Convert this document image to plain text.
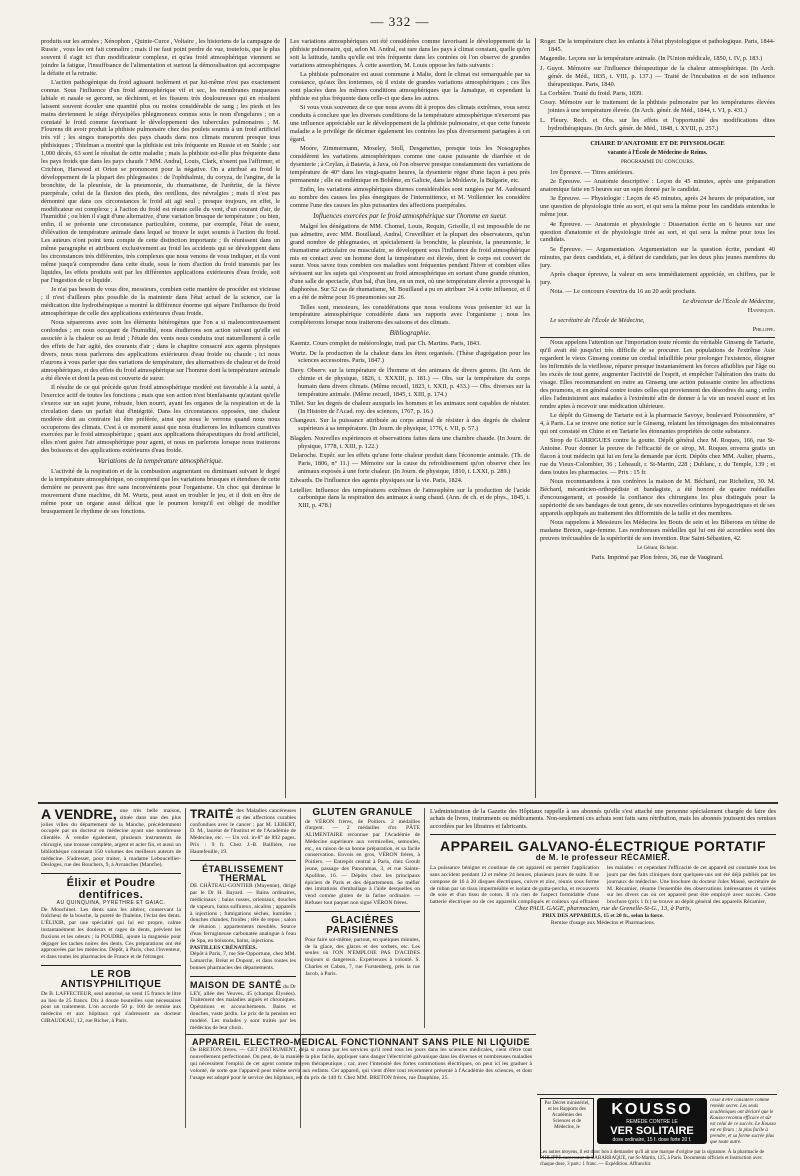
— 332 —

produits sur les armées ; Xénophon , Quinte-Curce , Voltaire , les historiens de la campagne de Russie , vous les ont fait connaître ; mais il ne faut point perdre de vue, toutefois, que le plus souvent il s'agit ici d'un modificateur complexe, et qu'au froid atmosphérique viennent se joindre la fatigue, l'insuffisance de l'alimentation et surtout la démoralisation qui accompagne la défaite et la retraite.

L'action pathogénique du froid agissant isolément et par lui-même n'est pas exactement connue. Sous l'influence d'un froid atmosphérique vif et sec, les membranes muqueuses labiale et nasale se gercent, se dèchirent, et les fissures très douloureuses qui en résultent laissent souvent écouler une quantité plus ou moins considérable de sang ; les pieds et les mains deviennent le siége d'érysipèles phlegmoneux connus sous le nom d'engelures ; on a constaté le froid comme favorisant le développement des tubercules pulmonaires ; M. Flourens dit avoir produit la phthisie pulmonaire chez des poulets soumis à un froid artificiel très vif ; les singes transportés des pays chauds dans nos climats meurent presque tous phthisiques ; Thielman a montré que la phthisie est très fréquente en Russie et en Suède ; sur 1,000 décès, 63 sont le résultat de cette maladie ; mais la phthisie est-elle plus fréquente dans les pays froids que dans les pays chauds ? MM. Andral, Louis, Clark, n'osent pas l'affirmer, et Crichton, Harwood et Orton se prononcent pour la négative. On a attribué au froid le développement de la plupart des phlegmasies : de l'ophthalmie, du coryza, de l'angine, de la bronchite, de la pleurésie, de la pneumonie, du rhumatisme, de l'urétrite, de la fièvre puerpérale, celui de la fluxion des pieds, des oreillons, des névralgies ; mais il n'est pas démontré que dans ces circonstances le froid ait agi seul ; presque toujours, en effet, le modificateur est complexe ; à l'action du froid est réunie celle du vent, d'un courant d'air, de l'humidité ; ou bien il s'agit d'une alternative, d'une variation brusque de température ; ou bien, enfin, il se présente une circonstance particulière, comme, par exemple, l'état de sueur, d'élévation de température animale dans lequel se trouve le sujet soumis à l'action du froid. Les auteurs n'ont point tenu compte de cette distinction importante ; ils réunissent dans un même paragraphe et attribuent exclusivement au froid les accidents qui se développent dans les circonstances très différentes, très complexes que nous venons de vous indiquer, et ils vont même jusqu'à comprendre dans cette étude, sous le nom d'action du froid transmis par les liquides, les effets produits soit par les différentes applications extérieures d'eau froide, soit par l'ingestion de ce liquide.

Je n'ai pas besoin de vous dire, messieurs, combien cette manière de procéder est vicieuse ; il n'est d'ailleurs plus possible de la maintenir dans l'état actuel de la science, car la médication dite hydrothérapique a montré la différence énorme qui sépare l'influence du froid atmosphérique de celle des applications extérieures d'eau froide.

Nous séparerons avec soin les éléments hétérogènes que l'on a si malencontreusement confondus ; en nous occupant de l'humidité, nous étudierons son action suivant qu'elle est associée à la chaleur ou au froid ; l'étude des vents nous conduira tout naturellement à celle des effets de l'air agité, des courants d'air ; dans le chapitre consacré aux agents physiques divers, nous nous parlerons des applications extérieures d'eau froide ou chaude ; ici nous n'aurons à vous parler que des variations de température, des alternatives de chaleur et de froid atmosphériques, et des effets du froid atmosphérique sur l'homme dont la température animale a été élevée et dont la peau est couverte de sueur.

Il résulte de ce qui précède qu'un froid atmosphérique modéré est favorable à la santé, à l'exercice actif de toutes les fonctions ; mais que son action n'est bienfaisante qu'autant qu'elle s'exerce sur un sujet jeune, robuste, bien nourri, ayant les organes de la respiration et de la circulation dans un parfait état d'intégrité. Dans les circonstances opposées, une chaleur modérée doit au contraire lui être préférée, ainsi que nous le verrons quand nous nous occuperons des climats. C'est à ce moment aussi que nous étudierons les influences curatives exercées par le froid atmosphérique ; quant aux applications thérapeutiques du froid artificiel, elles n'ont guère l'air atmosphérique pour agent, et nous en parlerons lorsque nous traiterons des boissons et des applications extérieures d'eau froide.

Variations de la température atmosphérique.

L'activité de la respiration et de la combustion augmentant ou diminuant suivant le degré de la température atmosphérique, on comprend que les variations brusques et étendues de cette dernière ne peuvent pas être sans inconvénients pour l'organisme. Un choc qui diminue le mouvement d'une machine, dit M. Wurtz, peut aussi en troubler le jeu, et il doit en être de même pour un organe aussi délicat que le poumon lorsqu'il est obligé de modifier brusquement le rhythme de ses fonctions.

Les variations atmosphériques ont été considérées comme favorisant le développement de la phthisie pulmonaire, qui, selon M. Andral, est rare dans les pays à climat constant, quelle qu'en soit la latitude, tandis qu'elle est très fréquente dans les contrées où l'on observe de grandes variations atmosphériques. À cette assertion, M. Louis oppose les faits suivants :

La phthisie pulmonaire est aussi commune à Malte, dont le climat est remarquable par sa constance, qu'aux îles ioniennes, où il existe de grandes variations atmosphériques ; ces îles sont placées dans les mêmes conditions atmosphériques que la Jamaïque, et cependant la phthisie est plus fréquente dans celle-ci que dans les autres.

Si vous vous souvenez de ce que nous avons dit à propos des climats extrêmes, vous serez conduits à conclure que les diverses conditions de la température atmosphérique n'exercent pas une influence appréciable sur le développement de la phthisie pulmonaire, et que cette funeste maladie a le privilége de décimer également les contrées les plus diversement partagées à cet égard.

Moore, Zimmermann, Moseley, Stoll, Desgenettes, presque tous les Nosographes considèrent les variations atmosphériques comme une cause puissante de diarrhée et de dysenterie ; à Ceylan, à Batavia, à Java, où l'on observe presque constamment des variations de température de 40° dans les vingt-quatre heures, la dysenterie règne d'une façon à peu près permanente ; elle est endémique en Bohême, en Galicie, dans la Moldavie, la Bulgarie, etc.

Enfin, les variations atmosphériques diurnes considérables sont rangées par M. Audouard au nombre des causes les plus énergiques de l'intermittence, et M. Voillemier les considère comme l'une des causes les plus puissantes des affections puerpérales.

Influences exercées par le froid atmosphérique sur l'homme en sueur.

Malgré les dénégations de MM. Chomel, Louis, Requin, Grisolle, il est impossible de ne pas admettre, avec MM. Bouillaud, Andral, Cruveilhier et la plupart des observateurs, qu'un grand nombre de phlegmasies, et spécialement la bronchite, la pleurésie, la pneumonie, le rhumatisme articulaire ou musculaire, se développent sous l'influence du froid atmosphérique mis en contact avec un homme dont la température est élevée, dont le corps est couvert de sueur. Vous savez tous combien ces maladies sont fréquentes pendant l'hiver et combien elles sévissent sur les sujets qui s'exposent au froid atmosphérique en sortant d'une grande réunion, d'une salle de spectacle, d'un bal, d'un lieu, en un mot, où une température élevée a provoqué la diaphorèse. Sur 52 cas de rhumatisme, M. Bouillaud a pu en attribuer 34 à cette influence, et il en a été de même pour 16 pneumonies sur 26.

Telles sont, messieurs, les considérations que nous voulions vous présenter ici sur la température atmosphérique considérée dans ses rapports avec l'organisme ; nous les compléterons lorsque nous traiterons des saisons et des climats.

Bibliographie.

Kaemtz. Cours complet de météorologie, trad. par Ch. Martins. Paris, 1843.

Wurtz. De la production de la chaleur dans les êtres organisés. (Thèse d'agrégation pour les sciences accessoires. Paris, 1847.)

Davy. Observ. sur la température de l'homme et des animaux de divers genres. (In Ann. de chimie et de physique, 1826, t. XXXIII, p. 181.) — Obs. sur la température du corps humain dans divers climats. (Même recueil, 1823, t. XXII, p. 433.) — Obs. diverses sur la température animale. (Même recueil, 1845, t. XIII, p. 174.)

Tillet. Sur les degrés de chaleur auxquels les hommes et les animaux sont capables de résister. (In Histoire de l'Acad. roy. des sciences, 1767, p. 16.)

Changeux. Sur la puissance attribuée au corps animal de résister à des degrés de chaleur supérieurs à sa température. (In Journ. de physique, 1776, t. VII, p. 57.)

Blagden. Nouvelles expériences et observations faites dans une chambre chaude. (In Journ. de physique, 1778, t. XIII, p. 122.)

Delaroche. Expér. sur les effets qu'une forte chaleur produit dans l'économie animale. (Th. de Paris, 1806, n° 11.) — Mémoire sur la cause du refroidissement qu'on observe chez les animaux exposés à une forte chaleur. (In Journ. de physique, 1810, t. LXXI, p. 289.)

Edwards. De l'influence des agents physiques sur la vie. Paris, 1824.

Letellier. Influence des températures extrêmes de l'atmosphère sur la production de l'acide carbonique dans la respiration des animaux à sang chaud. (Ann. de ch. et de phys., 1845, t. XIII, p. 478.)

Roger. De la température chez les enfants à l'état physiologique et pathologique. Paris, 1844-1845.

Magendie. Leçons sur la température animale. (In l'Union médicale, 1850, t. IV, p. 183.)

J. Guyot. Mémoire sur l'influence thérapeutique de la chaleur atmosphérique. (In Arch. génér. de Méd., 1835, t. VIII, p. 137.) — Traité de l'incubation et de son influence thérapeutique. Paris, 1840.

La Corbière. Traité du froid. Paris, 1839.

Cossy. Mémoire sur le traitement de la phthisie pulmonaire par les températures élevées jointes à une température élevée. (In Arch. génér. de Méd., 1844, t. VI, p. 431.)

L. Fleury. Rech. et Obs. sur les effets et l'opportunité des modifications dites hydrothérapiques. (In Arch. génér. de Méd., 1848, t. XVIII, p. 257.)

CHAIRE D'ANATOMIE ET DE PHYSIOLOGIE

vacante à l'École de Médecine de Reims.

PROGRAMME DU CONCOURS.

1re Épreuve. — Titres antérieurs.

2e Épreuve. — Anatomie descriptive : Leçon de 45 minutes, après une préparation anatomique faite en 5 heures sur un sujet donné par le candidat.

3e Épreuve. — Physiologie : Leçon de 45 minutes, après 24 heures de préparation, sur une question de physiologie tirée au sort, et qui sera la même pour les candidats entendus le même jour.

4e Épreuve. — Anatomie et physiologie : Dissertation écrite en 6 heures sur une question d'anatomie et de physiologie tirée au sort, et qui sera la même pour tous les candidats.

5e Épreuve. — Argumentation. Argumentation sur la question écrite, pendant 40 minutes, par deux candidats, et, à défaut de candidats, par les deux plus jeunes membres du jury.

Après chaque épreuve, la valeur en sera immédiatement appréciée, en chiffres, par le jury.

Nota. — Le concours s'ouvrira du 16 au 20 août prochain.

Le directeur de l'École de Médecine,

Hannequin.

Le secrétaire de l'École de Médecine,

Phillippe.

Nous appelons l'attention sur l'importation toute récente du véritable Ginseng de Tartarie, qu'il avait été jusqu'ici très difficile de se procurer. Les populations de l'extrême Asie regardent le vieux Ginseng comme un cordial infaillible pour prolonger l'existence, éloigner les infirmités de la vieillesse, réparer presque instantanément les forces affaiblies par l'âge ou les excès de tout genre, augmenter l'activité de l'esprit, et empêcher l'altération des traits du visage. Elles recommandent en outre au Ginseng une action puissante contre les affections des poumons, et en général contre toutes celles qui proviennent des désordres du sang ; enfin elles l'administrent aux malades à l'extrémité afin de donner à la vie un nouvel essor et les rendre aptes à recevoir une médication ultérieure.

Le dépôt du Ginseng de Tartarie est à la pharmacie Savoye, boulevard Poissonnière, n° 4, à Paris. La se trouve une notice sur le Ginseng, relatant les témoignages des missionnaires qui ont constaté en Chine et en Tartarie les étonnantes propriétés de cette substance.

Sirop de GARRIGUES contre la goutte. Dépôt général chez M. Roques, 166, rue St-Antoine. Pour donner la preuve de l'efficacité de ce sirop, M. Roques enverra gratis un flacon à tout médecin qui lui en fera la demande par écrit. Dépôts chez MM. Aulier, pharm., rue du Vieux-Colombier, 36 ; Leheault, r. St-Martin, 228 ; Dublanc, r. du Temple, 139 ; et dans toutes les pharmacies. — Prix : 15 fr.

Nous recommandons à nos confrères la maison de M. Béchard, rue Richelieu, 30. M. Béchard, mécanicien-orthopédiste et bandagiste, a été honoré de quatre médailles d'encouragement, et possède la confiance des chirurgiens les plus distingués pour la supériorité de ses bandages de tout genre, de ses nouvelles ceintures hypogastriques et de ses appareils appliqués au traitement des difformités de la taille et des membres.

Nous rappelons à Messieurs les Médecins les Bouts de sein et les Biberons en tétine de madame Breton, sage-femme. Les nombreuses médailles qui lui ont été accordées sont des preuves irrécusables de la supériorité de son invention. Rue Saint-Sébastien, 42.

Le Gérant, Richelot.

Paris. Imprimé par Plon frères, 36, rue de Vaugirard.

A VENDRE, une très belle maison, située dans une des plus jolies villes du département de la Manche, précédemment occupée par un docteur en médecine ayant une nombreuse clientèle. À vendre également, plusieurs instruments de chirurgie, une trousse complète, argent et acier fin, et aussi un bibliothèque contenant 150 volumes des meilleurs auteurs de médecine. S'adresser, pour traiter, à madame Leboucellier-Desloges, rue des Bouchers, 9, à Avranches (Manche).

Élixir et Poudre dentifrices.
AU QUINQUINA, PYRÈTHRE ET GAIAC.

De Mouchinet. Les dents sans les altérer, conservant la fraîcheur de la bouche, la pureté de l'haleine, l'éclat des dents. L'ÉLIXIR, par une spécialité qui lui est propre, calme instantanément les douleurs et rages de dents, prévient les fluxions et les odeurs ; la POUDRE, ajoute la magnésie pour dégager les taches noires des dents. Ces préparations ont été approuvées par les médecins. Dépôt, à Paris, chez l'inventeur, et dans toutes les pharmacies de France et de l'étranger.

LE ROB ANTISYPHILITIQUE

De B. LAFFECTEUR, seul autorisé, se vend 15 francs le litre au lieu de 25 francs. Dix à douze bouteilles sont nécessaires pour un traitement. L'on accorde 50 p. 100 de remise aux médecins et aux hôpitaux qui s'adressent au docteur GIRAUDEAU, 12, rue Richer, à Paris.

TRAITÉ des Maladies cancéreuses et des affections curables confondues avec le cancer ; par M. LEBERT, D. M., lauréat de l'Institut et de l'Académie de Médecine, etc. — Un vol. in-8° de 892 pages. Prix : 9 fr. Chez J.-B. Baillière, rue Hautefeuille, 19.

ÉTABLISSEMENT THERMAL

DE CHÂTEAU-GONTIER (Mayenne), dirigé par le Dr H. Bayard. — Bains ordinaires, médicinaux ; bains russes, orientaux, douches de vapeurs, bains sulfureux, alcalins ; appareils à injections ; fumigations sèches, humides ; douches chaudes, froides ; tête de repos ; salon de réunion ; appartements meublés. Source d'eau ferrugineuse carbonatée analogue à l'eau de Spa, en boissons, bains, injections.

PASTILLES CRÉNATÉES.

Dépôt à Paris, 7, rue Ste-Opportune, chez MM. Lamarche, Bréat et Dupont, et dans toutes les bonnes pharmacies des départements.

MAISON DE SANTÉ du Dr LEY, allée des Veuves, 45 (champs Élysées). Traitement des maladies aiguës et chroniques. Opérations et accouchements. Bains et douches, vaste jardin. Le prix de la pension est modéré. Les malades y sont traités par les médecins de leur choix.

GLUTEN GRANULÉ

de VÉRON frères, de Poitiers. 2 médailles d'argent. — 2 médailles d'or. PÂTE ALIMENTAIRE reconnue par l'Académie de Médecine supérieure aux vermicelles, semoules, etc., en raison de sa bonne préparation, et sa facile conservation. Envois en gros, VÉRON frères, à Poitiers. — Entrepôt central à Paris, chez Groult jeune, passage des Panoramas, 3, et rue Sainte-Apolline, 16. — Dépôts chez les principaux épiciers de Paris et des départements. Se méfier des imitations d'emballage à l'aide desquelles on vend comme gluten de la farine ordinaire. — Refuser tout paquet non signé VÉRON frères.

GLACIÈRES PARISIENNES

Pour faire soi-même, partout, en quelques minutes, de la glace, des glaces et des sorbets, etc. Les seules où l'ON N'EMPLOIE PAS D'ACIDES toujours si dangereux. Expériences à volonté. S. Charles et Cabon, 7, rue Furstenberg, près la rue Jacob, à Paris.

L'administration de la Gazette des Hôpitaux rappelle à ses abonnés qu'elle s'est attaché une personne spécialement chargée de faire des achats de livres, instruments ou médicaments. Non-seulement ces achats sont faits sans rétribution, mais les abonnés jouissent des remises accordées par les libraires et fabricants.

APPAREIL GALVANO-ÉLECTRIQUE PORTATIF
de M. le professeur RÉCAMIER.

La puissance bénigne et continue de cet appareil en permet l'application sans accident pendant 12 et même 24 heures, plusieurs jours de suite. Il se compose de 16 à 20 disques électriques, cuivre et zinc, réunis sous forme de ruban par un tissu imperméable et isolant de gutta-percha, et recouverts de soie et d'un tissu de coton. Il n'a rien de l'aspect formidable d'une batterie électrique ou de ces appareils compliqués et coûteux qui effraient les malades : et cependant l'efficacité de cet appareil est constatée tous les jours par des faits cliniques dont quelques-uns ont été déjà publiés par les journaux de médecine. Une brochure du docteur Jules Massé, secrétaire de M. Récamier, résume l'ensemble des observations intéressantes et variées sur les divers cas où cet appareil peut être employé avec succès. Cette brochure (prix 1 fr.) se trouve au dépôt général des appareils Récamier,

Chez PAUL GAGE, pharmacien, rue de Grenelle-St-G., 13, à Paris,

PRIX DES APPAREILS, 15 et 20 fr., selon la force.

Remise d'usage aux Médecins et Pharmaciens.

APPAREIL ÉLECTRO-MÉDICAL FONCTIONNANT SANS PILE NI LIQUIDE

De BRETON frères. — CET INSTRUMENT, déjà si connu par les services qu'il rend tous les jours dans les sciences médicales, vient d'être tout nouvellement perfectionné. On peut, de la manière la plus facile, appliquer sans danger l'électricité galvanique dans les diverses et nombreuses maladies qui nécessitent l'emploi de cet agent comme moyen thérapeutique ; car, avec l'intensité des fortes commotions électriques, on peut ici les graduer à volonté, de sorte que l'appareil peut même servir aux enfants. Cet appareil, qui vient d'être tout récemment présenté à l'Académie des sciences, et dont l'usage est adopté pour le service des hôpitaux, est du prix de 140 fr. Chez MM. BRETON frères, rue Dauphine, 25.

Par Décret ministériel, et les Rapports des Académies des Sciences et de Médecine, le
KOUSSO
REMÈDE CONTRE LE
VER SOLITAIRE
dose ordinaire, 15 f. dose forte 20 f.
cesse d'être considéré comme remède secret. Les seuls académiques ont déclaré que le Kousso reconnu efficace et sûr est celui de ce succès. Le Kousso est en fleurs ; la plus facile à prendre, et sa forme sucrée plus que toute autre.
Les autres moyens, il est donc bon à demander qu'il ait une marque d'origine par la signature. À la pharmacie de PHILIPPE successeur de LABARRAQUE, rue St-Martin, 125, à Paris. Documents officiels et Instruction avec chaque dose, 3 part.: 1 franc. — Expédition. Affranchir.
